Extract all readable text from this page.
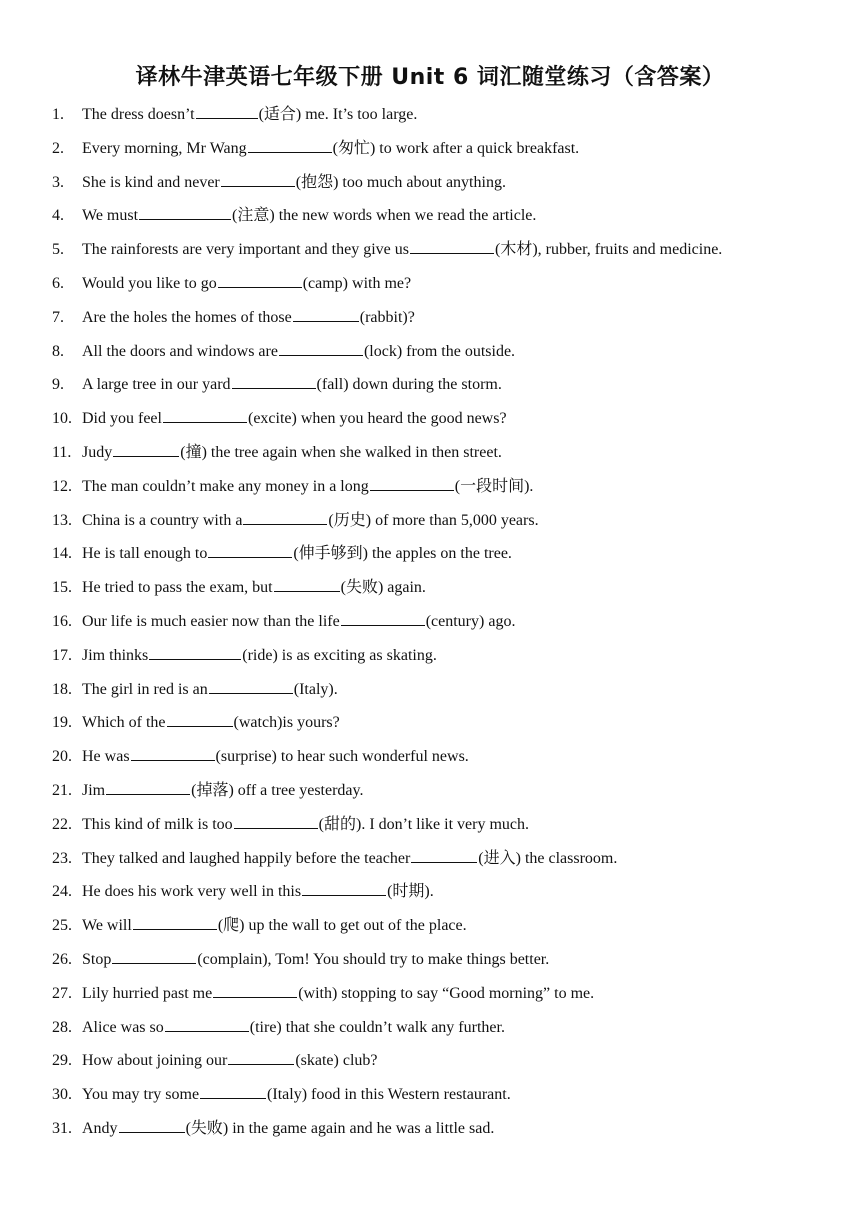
译林牛津英语七年级下册 Unit 6 词汇随堂练习（含答案）
1. The dress doesn’t	(适合) me. It’s too large.
2. Every morning, Mr Wang	(匆忙) to work after a quick breakfast.
3. She is kind and never	(抱怨) too much about anything.
4. We must	(注意) the new words when we read the article.
5. The rainforests are very important and they give us	(木材), rubber, fruits and medicine.
6. Would you like to go	(camp) with me?
7. Are the holes the homes of those	(rabbit)?
8. All the doors and windows are	(lock) from the outside.
9. A large tree in our yard	(fall) down during the storm.
10. Did you feel	(excite) when you heard the good news?
11. Judy	(撞) the tree again when she walked in then street.
12. The man couldn’t make any money in a long	(一段时间).
13. China is a country with a	(历史) of more than 5,000 years.
14. He is tall enough to	(伸手够到) the apples on the tree.
15. He tried to pass the exam, but	(失败) again.
16. Our life is much easier now than the life	(century) ago.
17. Jim thinks	(ride) is as exciting as skating.
18. The girl in red is an	(Italy).
19. Which of the	(watch)is yours?
20. He was	(surprise) to hear such wonderful news.
21. Jim	(掉落) off a tree yesterday.
22. This kind of milk is too	(甜的). I don’t like it very much.
23. They talked and laughed happily before the teacher	(进入) the classroom.
24. He does his work very well in this	(时期).
25. We will	(爬) up the wall to get out of the place.
26. Stop	(complain), Tom! You should try to make things better.
27. Lily hurried past me	(with) stopping to say “Good morning” to me.
28. Alice was so	(tire) that she couldn’t walk any further.
29. How about joining our	(skate) club?
30. You may try some	(Italy) food in this Western restaurant.
31. Andy	(失败) in the game again and he was a little sad.
